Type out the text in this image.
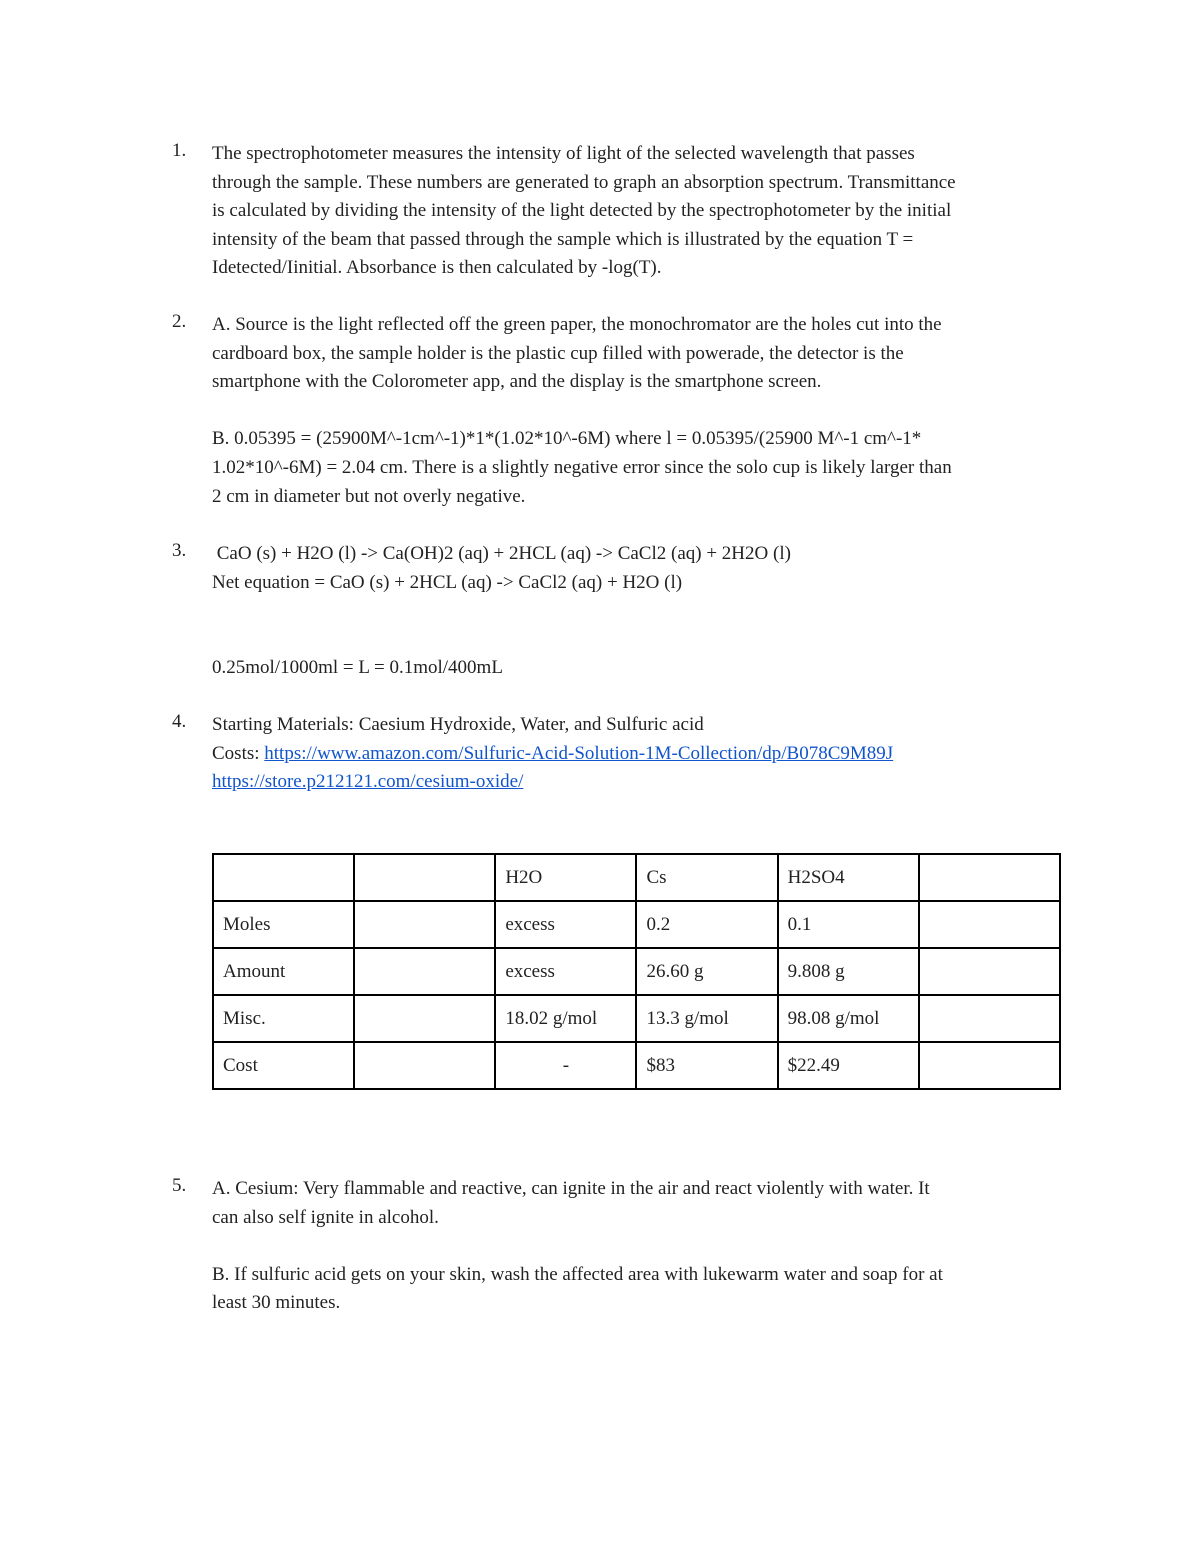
1.	The spectrophotometer measures the intensity of light of the selected wavelength that passes

through the sample. These numbers are generated to graph an absorption spectrum. Transmittance

is calculated by dividing the intensity of the light detected by the spectrophotometer by the initial

intensity of the beam that passed through the sample which is illustrated by the equation T =

Idetected/Iinitial. Absorbance is then calculated by -log(T).

2.	A. Source is the light reflected off the green paper, the monochromator are the holes cut into the

cardboard box, the sample holder is the plastic cup filled with powerade, the detector is the

smartphone with the Colorometer app, and the display is the smartphone screen.

B. 0.05395 = (25900M^-1cm^-1)*1*(1.02*10^-6M) where l = 0.05395/(25900 M^-1 cm^-1*

1.02*10^-6M) = 2.04 cm. There is a slightly negative error since the solo cup is likely larger than

2 cm in diameter but not overly negative.

3.	CaO (s) + H2O (l) -> Ca(OH)2 (aq) + 2HCL (aq) -> CaCl2 (aq) + 2H2O (l)

Net equation = CaO (s) + 2HCL (aq) -> CaCl2 (aq) + H2O (l)

0.25mol/1000ml = L = 0.1mol/400mL

4.	Starting Materials: Caesium Hydroxide, Water, and Sulfuric acid

Costs: https://www.amazon.com/Sulfuric-Acid-Solution-1M-Collection/dp/B078C9M89J

https://store.p212121.com/cesium-oxide/

		H2O	Cs	H2SO4	
Moles		excess	0.2	0.1	
Amount		excess	26.60 g	9.808 g	
Misc.		18.02 g/mol	13.3 g/mol	98.08 g/mol	
Cost		-	$83	$22.49	
5.	A. Cesium: Very flammable and reactive, can ignite in the air and react violently with water. It

can also self ignite in alcohol.

B. If sulfuric acid gets on your skin, wash the affected area with lukewarm water and soap for at

least 30 minutes.
